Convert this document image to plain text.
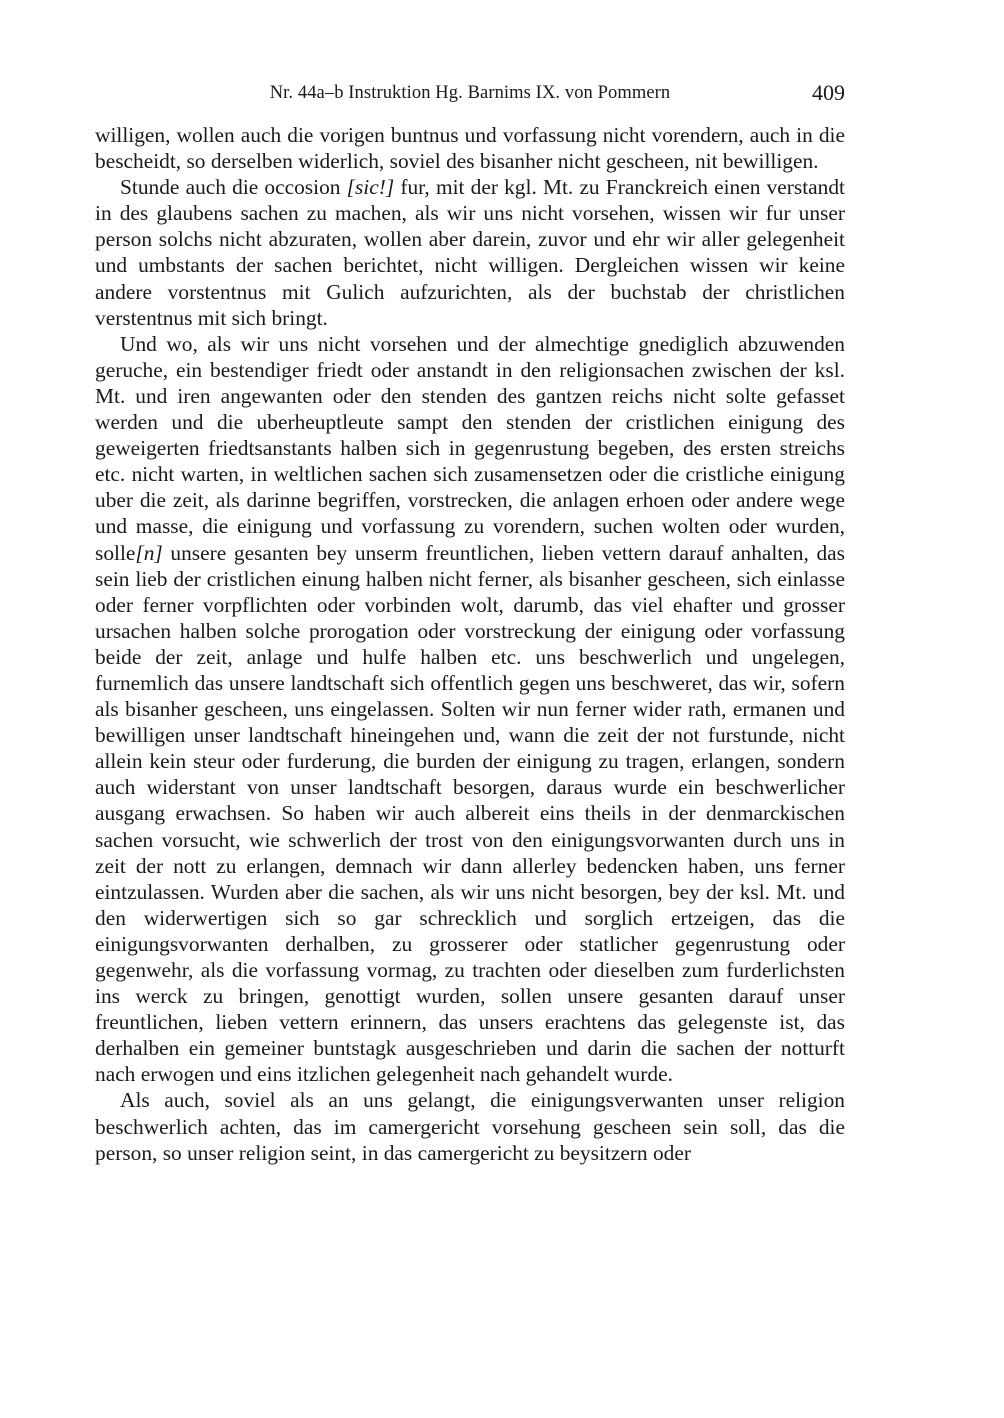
Nr. 44a–b Instruktion Hg. Barnims IX. von Pommern	409

willigen, wollen auch die vorigen buntnus und vorfassung nicht vorendern, auch in die bescheidt, so derselben widerlich, soviel des bisanher nicht gescheen, nit bewilligen.

Stunde auch die occosion [sic!] fur, mit der kgl. Mt. zu Franckreich einen verstandt in des glaubens sachen zu machen, als wir uns nicht vorsehen, wissen wir fur unser person solchs nicht abzuraten, wollen aber darein, zuvor und ehr wir aller gelegenheit und umbstants der sachen berichtet, nicht willigen. Dergleichen wissen wir keine andere vorstentnus mit Gulich aufzurichten, als der buchstab der christlichen verstentnus mit sich bringt.

Und wo, als wir uns nicht vorsehen und der almechtige gnediglich abzuwenden geruche, ein bestendiger friedt oder anstandt in den religionsachen zwischen der ksl. Mt. und iren angewanten oder den stenden des gantzen reichs nicht solte gefasset werden und die uberheuptleute sampt den stenden der cristlichen einigung des geweigerten friedtsanstants halben sich in gegenrustung begeben, des ersten streichs etc. nicht warten, in weltlichen sachen sich zusamensetzen oder die cristliche einigung uber die zeit, als darinne begriffen, vorstrecken, die anlagen erhoen oder andere wege und masse, die einigung und vorfassung zu vorendern, suchen wolten oder wurden, solle[n] unsere gesanten bey unserm freuntlichen, lieben vettern darauf anhalten, das sein lieb der cristlichen einung halben nicht ferner, als bisanher gescheen, sich einlasse oder ferner vorpflichten oder vorbinden wolt, darumb, das viel ehafter und grosser ursachen halben solche prorogation oder vorstreckung der einigung oder vorfassung beide der zeit, anlage und hulfe halben etc. uns beschwerlich und ungelegen, furnemlich das unsere landtschaft sich offentlich gegen uns beschweret, das wir, sofern als bisanher gescheen, uns eingelassen. Solten wir nun ferner wider rath, ermanen und bewilligen unser landtschaft hineingehen und, wann die zeit der not furstunde, nicht allein kein steur oder furderung, die burden der einigung zu tragen, erlangen, sondern auch widerstant von unser landtschaft besorgen, daraus wurde ein beschwerlicher ausgang erwachsen. So haben wir auch albereit eins theils in der denmarckischen sachen vorsucht, wie schwerlich der trost von den einigungsvorwanten durch uns in zeit der nott zu erlangen, demnach wir dann allerley bedencken haben, uns ferner eintzulassen. Wurden aber die sachen, als wir uns nicht besorgen, bey der ksl. Mt. und den widerwertigen sich so gar schrecklich und sorglich ertzeigen, das die einigungsvorwanten derhalben, zu grosserer oder statlicher gegenrustung oder gegenwehr, als die vorfassung vormag, zu trachten oder dieselben zum furderlichsten ins werck zu bringen, genottigt wurden, sollen unsere gesanten darauf unser freuntlichen, lieben vettern erinnern, das unsers erachtens das gelegenste ist, das derhalben ein gemeiner buntstagk ausgeschrieben und darin die sachen der notturft nach erwogen und eins itzlichen gelegenheit nach gehandelt wurde.

Als auch, soviel als an uns gelangt, die einigungsverwanten unser religion beschwerlich achten, das im camergericht vorsehung gescheen sein soll, das die person, so unser religion seint, in das camergericht zu beysitzern oder
